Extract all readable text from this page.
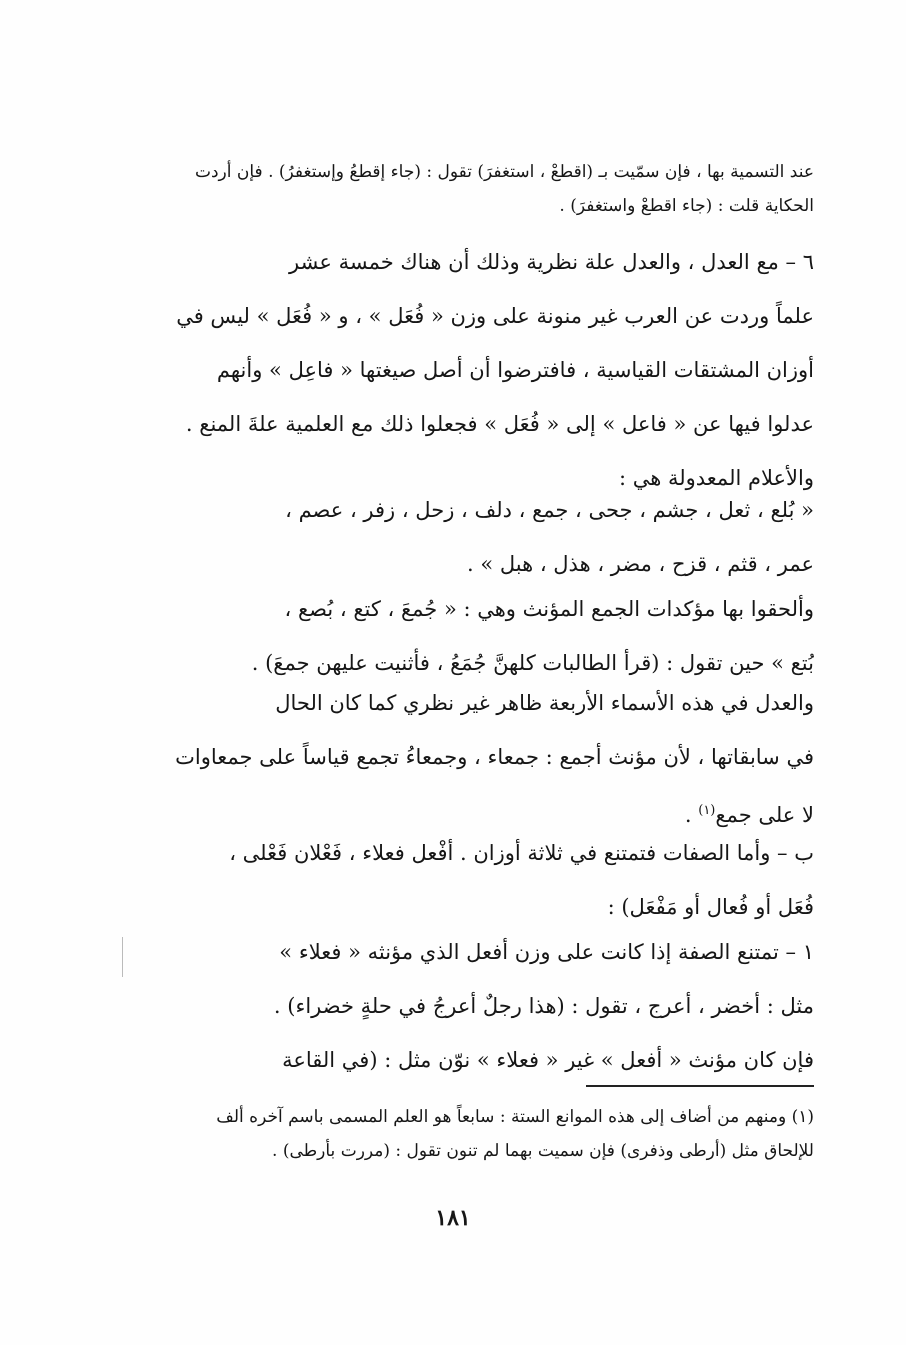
عند التسمية بها ، فإن سمّيت بـ (اقطعْ ، استغفرَ) تقول : (جاء إقطعُ وإستغفرُ) . فإن أردت
الحكاية قلت : (جاء اقطعْ واستغفرَ) .
٦ – مع العدل ، والعدل علة نظرية وذلك أن هناك خمسة عشر
علماً وردت عن العرب غير منونة على وزن « فُعَل » ، و « فُعَل » ليس في
أوزان المشتقات القياسية ، فافترضوا أن أصل صيغتها « فاعِل » وأنهم
عدلوا فيها عن « فاعل » إلى « فُعَل » فجعلوا ذلك مع العلمية علةَ المنع .
والأعلام المعدولة هي :
« بُلع ، ثعل ، جشم ، جحى ، جمع ، دلف ، زحل ، زفر ، عصم ،
عمر ، قثم ، قزح ، مضر ، هذل ، هبل » .
وألحقوا بها مؤكدات الجمع المؤنث وهي : « جُمعَ ، كتع ، بُصع ،
بُتع » حين تقول : (قرأ الطالبات كلهنَّ جُمَعُ ، فأثنيت عليهن جمعَ) .
والعدل في هذه الأسماء الأربعة ظاهر غير نظري كما كان الحال
في سابقاتها ، لأن مؤنث أجمع : جمعاء ، وجمعاءُ تجمع قياساً على جمعاوات
لا على جمع$^{(١)}$ .
ب – وأما الصفات فتمتنع في ثلاثة أوزان . أفْعل فعلاء ، فَعْلان فَعْلى ،
فُعَل أو فُعال أو مَفْعَل) :
١ – تمتنع الصفة إذا كانت على وزن أفعل الذي مؤنثه « فعلاء »
مثل : أخضر ، أعرج ، تقول : (هذا رجلٌ أعرجُ في حلةٍ خضراء) .
فإن كان مؤنث « أفعل » غير « فعلاء » نوّن مثل : (في القاعة
(١) ومنهم من أضاف إلى هذه الموانع الستة : سابعاً هو العلم المسمى باسم آخره ألف
للإلحاق مثل (أرطى وذفرى) فإن سميت بهما لم تنون تقول : (مررت بأرطى) .
١٨١
